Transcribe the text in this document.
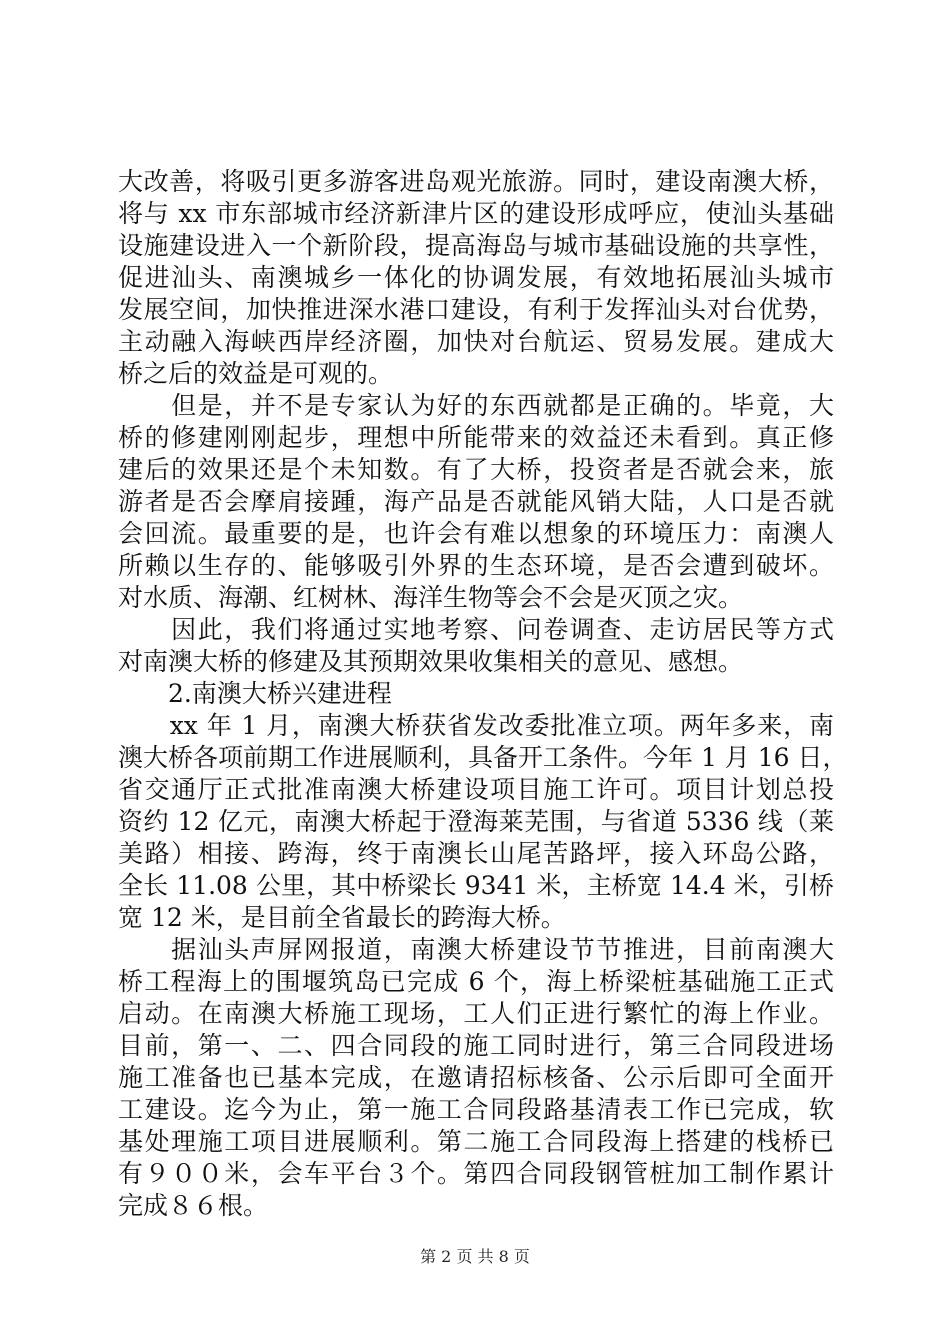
大改善，将吸引更多游客进岛观光旅游。同时，建设南澳大桥，
将与 xx 市东部城市经济新津片区的建设形成呼应，使汕头基础
设施建设进入一个新阶段，提高海岛与城市基础设施的共享性，
促进汕头、南澳城乡一体化的协调发展，有效地拓展汕头城市
发展空间，加快推进深水港口建设，有利于发挥汕头对台优势，
主动融入海峡西岸经济圈，加快对台航运、贸易发展。建成大
桥之后的效益是可观的。
　　但是，并不是专家认为好的东西就都是正确的。毕竟，大
桥的修建刚刚起步，理想中所能带来的效益还未看到。真正修
建后的效果还是个未知数。有了大桥，投资者是否就会来，旅
游者是否会摩肩接踵，海产品是否就能风销大陆，人口是否就
会回流。最重要的是，也许会有难以想象的环境压力：南澳人
所赖以生存的、能够吸引外界的生态环境，是否会遭到破坏。
对水质、海潮、红树林、海洋生物等会不会是灭顶之灾。
　　因此，我们将通过实地考察、问卷调查、走访居民等方式
对南澳大桥的修建及其预期效果收集相关的意见、感想。
　　2.南澳大桥兴建进程
　　xx 年 1 月，南澳大桥获省发改委批准立项。两年多来，南
澳大桥各项前期工作进展顺利，具备开工条件。今年 1 月 16 日，
省交通厅正式批准南澳大桥建设项目施工许可。项目计划总投
资约 12 亿元，南澳大桥起于澄海莱芜围，与省道 5336 线（莱
美路）相接、跨海，终于南澳长山尾苦路坪，接入环岛公路，
全长 11.08 公里，其中桥梁长 9341 米，主桥宽 14.4 米，引桥
宽 12 米，是目前全省最长的跨海大桥。
　　据汕头声屏网报道，南澳大桥建设节节推进，目前南澳大
桥工程海上的围堰筑岛已完成 6 个，海上桥梁桩基础施工正式
启动。在南澳大桥施工现场，工人们正进行繁忙的海上作业。
目前，第一、二、四合同段的施工同时进行，第三合同段进场
施工准备也已基本完成，在邀请招标核备、公示后即可全面开
工建设。迄今为止，第一施工合同段路基清表工作已完成，软
基处理施工项目进展顺利。第二施工合同段海上搭建的栈桥已
有９００米，会车平台３个。第四合同段钢管桩加工制作累计
完成８６根。
第 2 页 共 8 页
